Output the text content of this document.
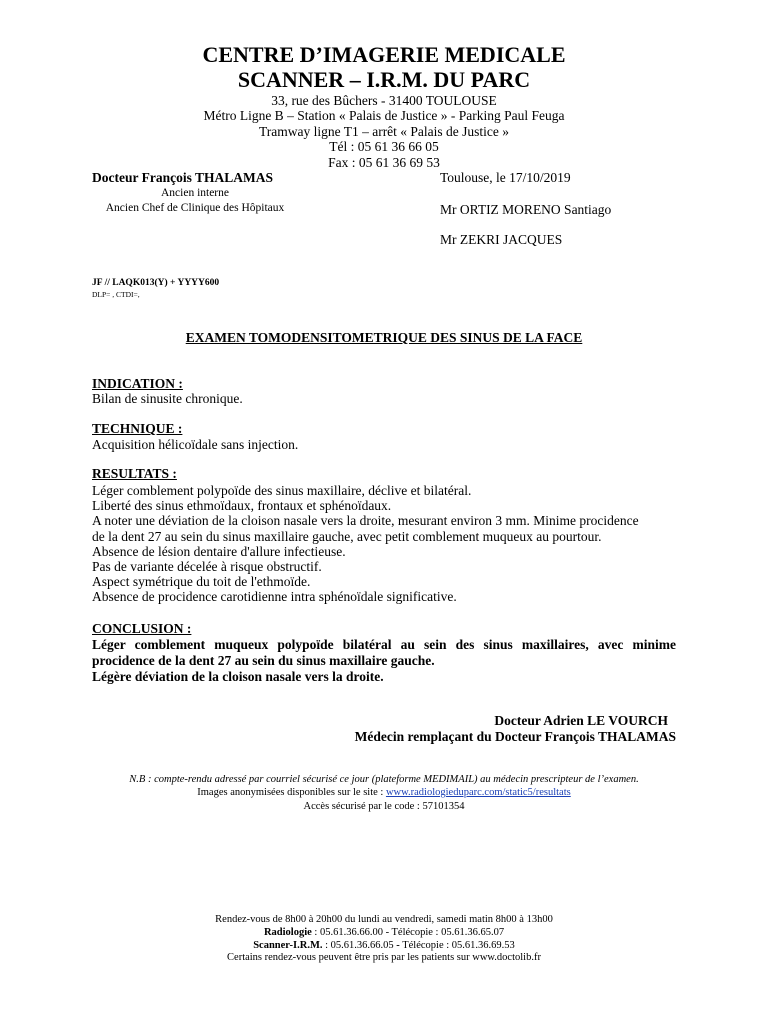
CENTRE D’IMAGERIE MEDICALE
SCANNER – I.R.M. DU PARC
33, rue des Bûchers - 31400 TOULOUSE
Métro Ligne B – Station « Palais de Justice » - Parking Paul Feuga
Tramway ligne T1 – arrêt « Palais de Justice »
Tél : 05 61 36 66 05
Fax : 05 61 36 69 53
Docteur François THALAMAS
Ancien interne
Ancien Chef de Clinique des Hôpitaux
Toulouse, le 17/10/2019
Mr ORTIZ MORENO Santiago
Mr ZEKRI JACQUES
JF // LAQK013(Y) + YYYY600
DLP= , CTDI=,
EXAMEN TOMODENSITOMETRIQUE DES SINUS DE LA FACE
INDICATION :
Bilan de sinusite chronique.
TECHNIQUE :
Acquisition hélicoïdale sans injection.
RESULTATS :
Léger comblement polypoïde des sinus maxillaire, déclive et bilatéral.
Liberté des sinus ethmoïdaux, frontaux et sphénoïdaux.
A noter une déviation de la cloison nasale vers la droite, mesurant environ 3 mm. Minime procidence
de la dent 27 au sein du sinus maxillaire gauche, avec petit comblement muqueux au pourtour.
Absence de lésion dentaire d'allure infectieuse.
Pas de variante décelée à risque obstructif.
Aspect symétrique du toit de l'ethmoïde.
Absence de procidence carotidienne intra sphénoïdale significative.
CONCLUSION :
Léger comblement muqueux polypoïde bilatéral au sein des sinus maxillaires, avec minime procidence de la dent 27 au sein du sinus maxillaire gauche.
Légère déviation de la cloison nasale vers la droite.
Docteur Adrien LE VOURCH
Médecin remplaçant du Docteur François THALAMAS
N.B : compte-rendu adressé par courriel sécurisé ce jour (plateforme MEDIMAIL) au médecin prescripteur de l’examen.
Images anonymisées disponibles sur le site : www.radiologieduparc.com/static5/resultats
Accès sécurisé par le code : 57101354
Rendez-vous de 8h00 à 20h00 du lundi au vendredi, samedi matin 8h00 à 13h00
Radiologie : 05.61.36.66.00 - Télécopie : 05.61.36.65.07
Scanner-I.R.M. : 05.61.36.66.05 - Télécopie : 05.61.36.69.53
Certains rendez-vous peuvent être pris par les patients sur www.doctolib.fr
